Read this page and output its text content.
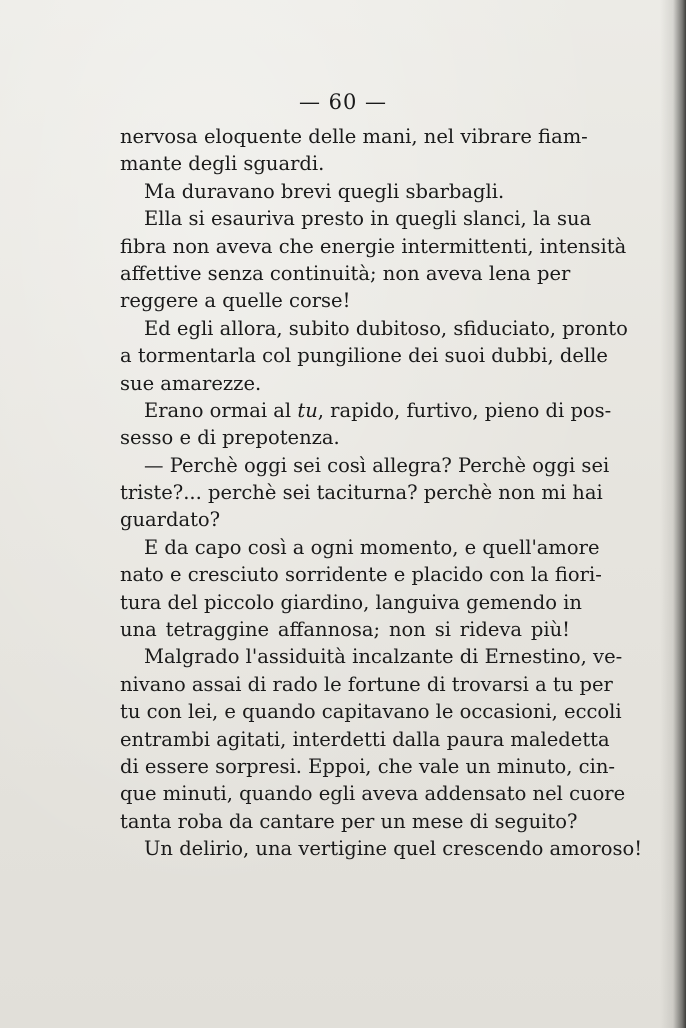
— 60 —
nervosa eloquente delle mani, nel vibrare fiam-
mante degli sguardi.
Ma duravano brevi quegli sbarbagli.
Ella si esauriva presto in quegli slanci, la sua
fibra non aveva che energie intermittenti, intensità
affettive senza continuità; non aveva lena per
reggere a quelle corse!
Ed egli allora, subito dubitoso, sfiduciato, pronto
a tormentarla col pungilione dei suoi dubbi, delle
sue amarezze.
Erano ormai al tu, rapido, furtivo, pieno di pos-
sesso e di prepotenza.
— Perchè oggi sei così allegra? Perchè oggi sei
triste?... perchè sei taciturna? perchè non mi hai
guardato?
E da capo così a ogni momento, e quell'amore
nato e cresciuto sorridente e placido con la fiori-
tura del piccolo giardino, languiva gemendo in
una tetraggine affannosa; non si rideva più!
Malgrado l'assiduità incalzante di Ernestino, ve-
nivano assai di rado le fortune di trovarsi a tu per
tu con lei, e quando capitavano le occasioni, eccoli
entrambi agitati, interdetti dalla paura maledetta
di essere sorpresi. Eppoi, che vale un minuto, cin-
que minuti, quando egli aveva addensato nel cuore
tanta roba da cantare per un mese di seguito?
Un delirio, una vertigine quel crescendo amoroso!
